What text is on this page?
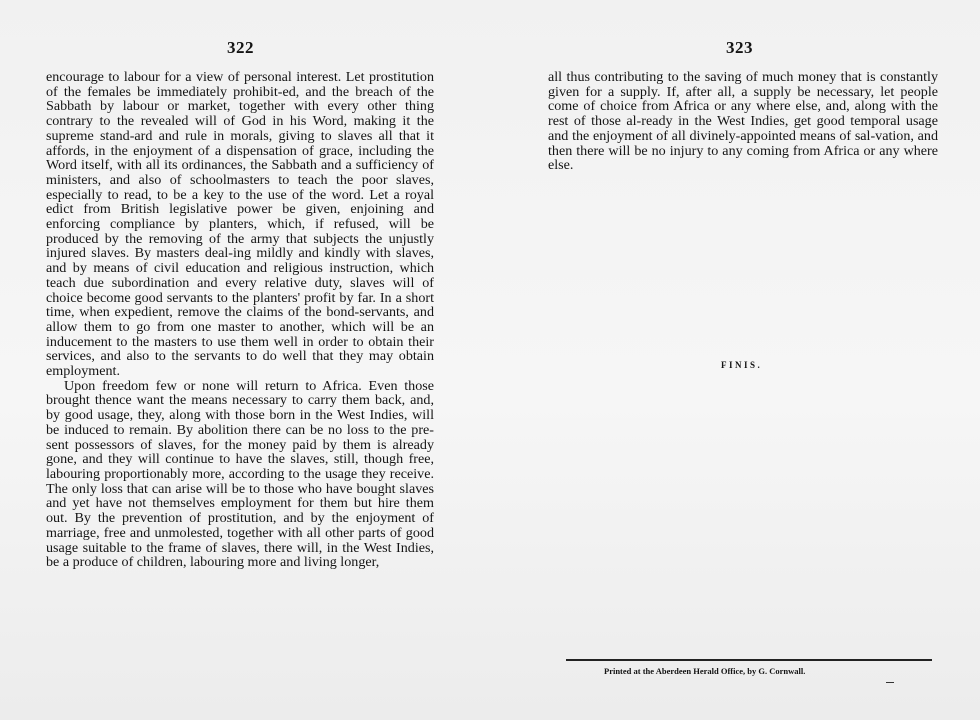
322	323

encourage to labour for a view of personal interest. Let prostitution of the females be immediately prohibit-ed, and the breach of the Sabbath by labour or market, together with every other thing contrary to the revealed will of God in his Word, making it the supreme stand-ard and rule in morals, giving to slaves all that it affords, in the enjoyment of a dispensation of grace, including the Word itself, with all its ordinances, the Sabbath and a sufficiency of ministers, and also of schoolmasters to teach the poor slaves, especially to read, to be a key to the use of the word. Let a royal edict from British legislative power be given, enjoining and enforcing compliance by planters, which, if refused, will be produced by the removing of the army that subjects the unjustly injured slaves. By masters deal-ing mildly and kindly with slaves, and by means of civil education and religious instruction, which teach due subordination and every relative duty, slaves will of choice become good servants to the planters' profit by far. In a short time, when expedient, remove the claims of the bond-servants, and allow them to go from one master to another, which will be an inducement to the masters to use them well in order to obtain their services, and also to the servants to do well that they may obtain employment.

Upon freedom few or none will return to Africa. Even those brought thence want the means necessary to carry them back, and, by good usage, they, along with those born in the West Indies, will be induced to remain. By abolition there can be no loss to the pre-sent possessors of slaves, for the money paid by them is already gone, and they will continue to have the slaves, still, though free, labouring proportionably more, according to the usage they receive. The only loss that can arise will be to those who have bought slaves and yet have not themselves employment for them but hire them out. By the prevention of prostitution, and by the enjoyment of marriage, free and unmolested, together with all other parts of good usage suitable to the frame of slaves, there will, in the West Indies, be a produce of children, labouring more and living longer,

all thus contributing to the saving of much money that is constantly given for a supply. If, after all, a supply be necessary, let people come of choice from Africa or any where else, and, along with the rest of those al-ready in the West Indies, get good temporal usage and the enjoyment of all divinely-appointed means of sal-vation, and then there will be no injury to any coming from Africa or any where else.

FINIS.
Printed at the Aberdeen Herald Office, by G. Cornwall.
